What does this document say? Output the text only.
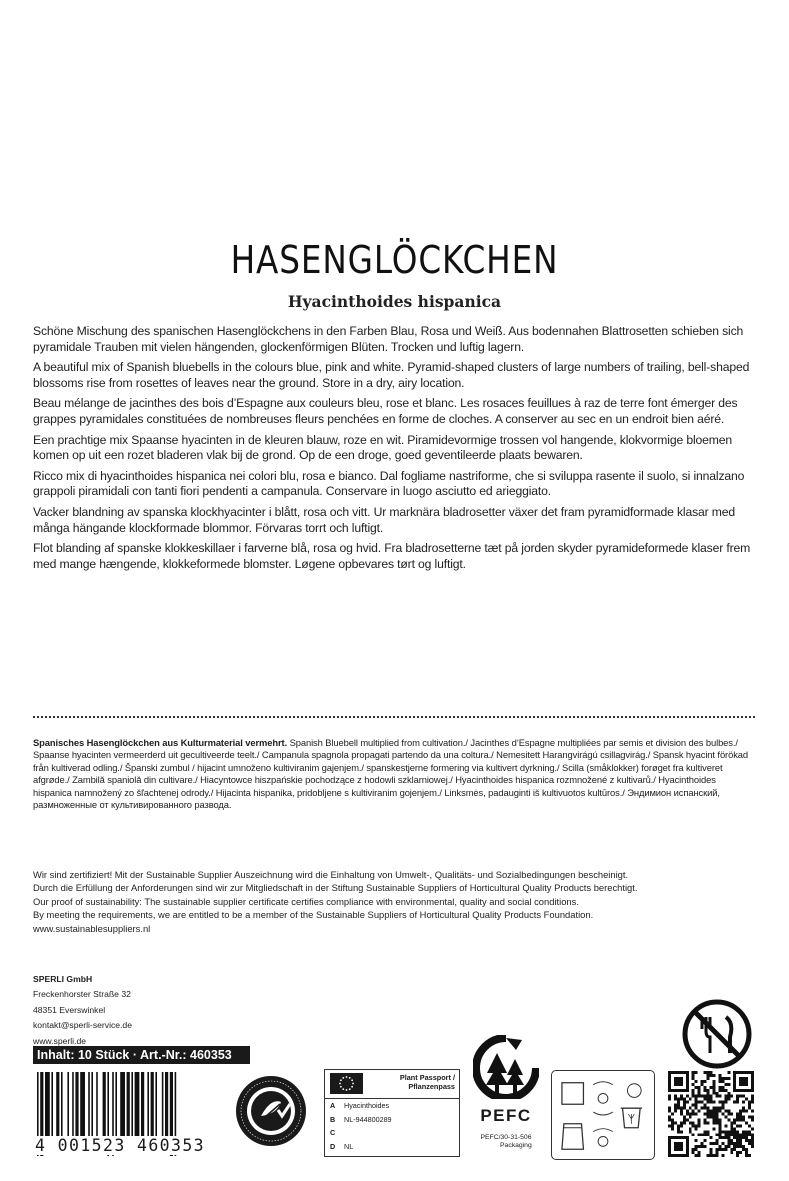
HASENGLÖCKCHEN
Hyacinthoides hispanica

Schöne Mischung des spanischen Hasenglöckchens in den Farben Blau, Rosa und Weiß. Aus bodennahen Blattrosetten schieben sich pyramidale Trauben mit vielen hängenden, glockenförmigen Blüten. Trocken und luftig lagern.

A beautiful mix of Spanish bluebells in the colours blue, pink and white. Pyramid-shaped clusters of large numbers of trailing, bell-shaped blossoms rise from rosettes of leaves near the ground. Store in a dry, airy location.

Beau mélange de jacinthes des bois d’Espagne aux couleurs bleu, rose et blanc. Les rosaces feuillues à raz de terre font émerger des grappes pyramidales constituées de nombreuses fleurs penchées en forme de cloches. A conserver au sec en un endroit bien aéré.

Een prachtige mix Spaanse hyacinten in de kleuren blauw, roze en wit. Piramidevormige trossen vol hangende, klokvormige bloemen komen op uit een rozet bladeren vlak bij de grond. Op de een droge, goed geventileerde plaats bewaren.

Ricco mix di hyacinthoides hispanica nei colori blu, rosa e bianco. Dal fogliame nastriforme, che si sviluppa rasente il suolo, si innalzano grappoli piramidali con tanti fiori pendenti a campanula. Conservare in luogo asciutto ed arieggiato.

Vacker blandning av spanska klockhyacinter i blått, rosa och vitt. Ur marknära bladrosetter växer det fram pyramidformade klasar med många hängande klockformade blommor. Förvaras torrt och luftigt.

Flot blanding af spanske klokkeskillaer i farverne blå, rosa og hvid. Fra bladrosetterne tæt på jorden skyder pyramideformede klaser frem med mange hængende, klokkeformede blomster. Løgene opbevares tørt og luftigt.

Spanisches Hasenglöckchen aus Kulturmaterial vermehrt. Spanish Bluebell multiplied from cultivation./ Jacinthes d’Espagne multipliées par semis et division des bulbes./ Spaanse hyacinten vermeerderd uit gecultiveerde teelt./ Campanula spagnola propagati partendo da una coltura./ Nemesitett Harangvirágú csillagvirág./ Spansk hyacint förökad från kultiverad odling./ Španski zumbul / hijacint umnoženo kultiviranim gajenjem./ spanskestjerne formering via kultivert dyrkning./ Scilla (småklokker) forøget fra kultiveret afgrøde./ Zambilă spaniolă din cultivare./ Hiacyntowce hiszpańskie pochodzące z hodowli szklarniowej./ Hyacinthoides hispanica rozmnožené z kultivarů./ Hyacinthoides hispanica namnožený zo šľachtenej odrody./ Hijacinta hispanika, pridobljene s kultiviranim gojenjem./ Linksmės, padauginti iš kultivuotos kultūros./ Эндимион испанский, размноженные от культивированного развода.
Wir sind zertifiziert! Mit der Sustainable Supplier Auszeichnung wird die Einhaltung von Umwelt-, Qualitäts- und Sozialbedingungen bescheinigt.
Durch die Erfüllung der Anforderungen sind wir zur Mitgliedschaft in der Stiftung Sustainable Suppliers of Horticultural Quality Products berechtigt.
Our proof of sustainability: The sustainable supplier certificate certifies compliance with environmental, quality and social conditions.
By meeting the requirements, we are entitled to be a member of the Sustainable Suppliers of Horticultural Quality Products Foundation.
www.sustainablesuppliers.nl
SPERLI GmbH
Freckenhorster Straße 32
48351 Everswinkel
kontakt@sperli-service.de
www.sperli.de
Inhalt: 10 Stück · Art.-Nr.: 460353
4 001523 460353
Plant Passport /
Pflanzenpass
A Hyacinthoides
B NL-944800289
C
D NL
PEFC
PEFC/30-31-506
Packaging
